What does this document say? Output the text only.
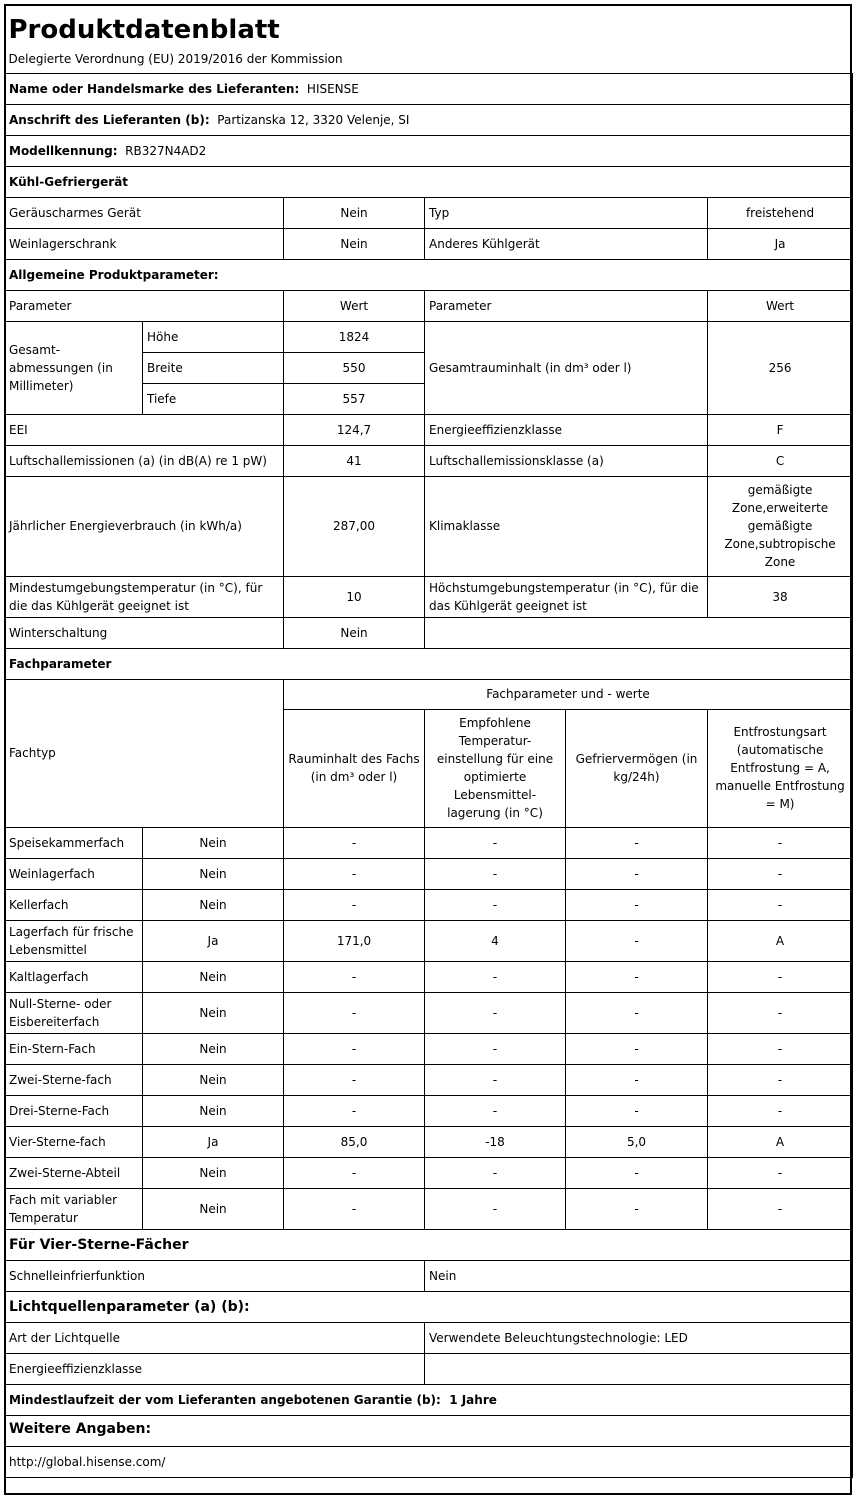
Produktdatenblatt					
Delegierte Verordnung (EU) 2019/2016 der Kommission					
Name oder Handelsmarke des Lieferanten: HISENSE					
Anschrift des Lieferanten (b): Partizanska 12, 3320 Velenje, SI					
Modellkennung: RB327N4AD2					
Kühl-Gefriergerät					
Geräuscharmes Gerät		Nein	Typ		freistehend
Weinlagerschrank		Nein	Anderes Kühlgerät		Ja
Allgemeine Produktparameter:					
Parameter		Wert	Parameter		Wert
Gesamt-abmessungen (in Millimeter)	Höhe	1824	Gesamtrauminhalt (in dm³ oder l)		256
	Breite	550			
	Tiefe	557			
EEI		124,7	Energieeffizienzklasse		F
Luftschallemissionen (a) (in dB(A) re 1 pW)		41	Luftschallemissionsklasse (a)		C
Jährlicher Energieverbrauch (in kWh/a)		287,00	Klimaklasse		gemäßigte Zone,erweiterte gemäßigte Zone,subtropische Zone
Mindestumgebungstemperatur (in °C), für die das Kühlgerät geeignet ist		10	Höchstumgebungstemperatur (in °C), für die das Kühlgerät geeignet ist		38
Winterschaltung		Nein			
Fachparameter					
Fachtyp		Fachparameter und - werte			
		Rauminhalt des Fachs (in dm³ oder l)	Empfohlene Temperatur-einstellung für eine optimierte Lebensmittel-lagerung (in °C)	Gefriervermögen (in kg/24h)	Entfrostungsart (automatische Entfrostung = A, manuelle Entfrostung = M)
Speisekammerfach	Nein	-	-	-	-
Weinlagerfach	Nein	-	-	-	-
Kellerfach	Nein	-	-	-	-
Lagerfach für frische Lebensmittel	Ja	171,0	4	-	A
Kaltlagerfach	Nein	-	-	-	-
Null-Sterne- oder Eisbereiterfach	Nein	-	-	-	-
Ein-Stern-Fach	Nein	-	-	-	-
Zwei-Sterne-fach	Nein	-	-	-	-
Drei-Sterne-Fach	Nein	-	-	-	-
Vier-Sterne-fach	Ja	85,0	-18	5,0	A
Zwei-Sterne-Abteil	Nein	-	-	-	-
Fach mit variabler Temperatur	Nein	-	-	-	-
Für Vier-Sterne-Fächer					
Schnelleinfrierfunktion			Nein		
Lichtquellenparameter (a) (b):					
Art der Lichtquelle			Verwendete Beleuchtungstechnologie: LED		
Energieeffizienzklasse					
Mindestlaufzeit der vom Lieferanten angebotenen Garantie (b): 1 Jahre					
Weitere Angaben:					
http://global.hisense.com/					
